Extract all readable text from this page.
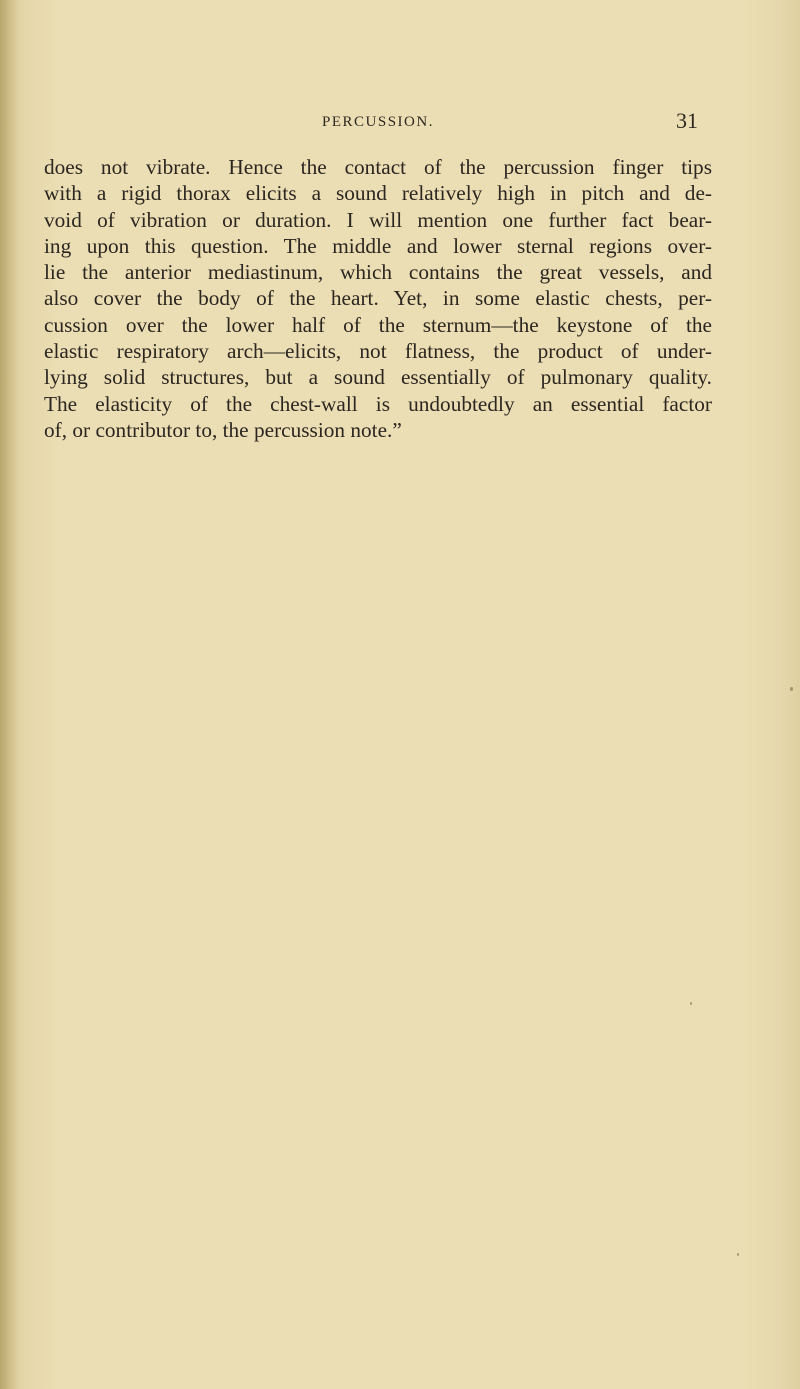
PERCUSSION.	31
does not vibrate. Hence the contact of the percussion finger tips
with a rigid thorax elicits a sound relatively high in pitch and de-
void of vibration or duration. I will mention one further fact bear-
ing upon this question. The middle and lower sternal regions over-
lie the anterior mediastinum, which contains the great vessels, and
also cover the body of the heart. Yet, in some elastic chests, per-
cussion over the lower half of the sternum—the keystone of the
elastic respiratory arch—elicits, not flatness, the product of under-
lying solid structures, but a sound essentially of pulmonary quality.
The elasticity of the chest-wall is undoubtedly an essential factor
of, or contributor to, the percussion note.”
